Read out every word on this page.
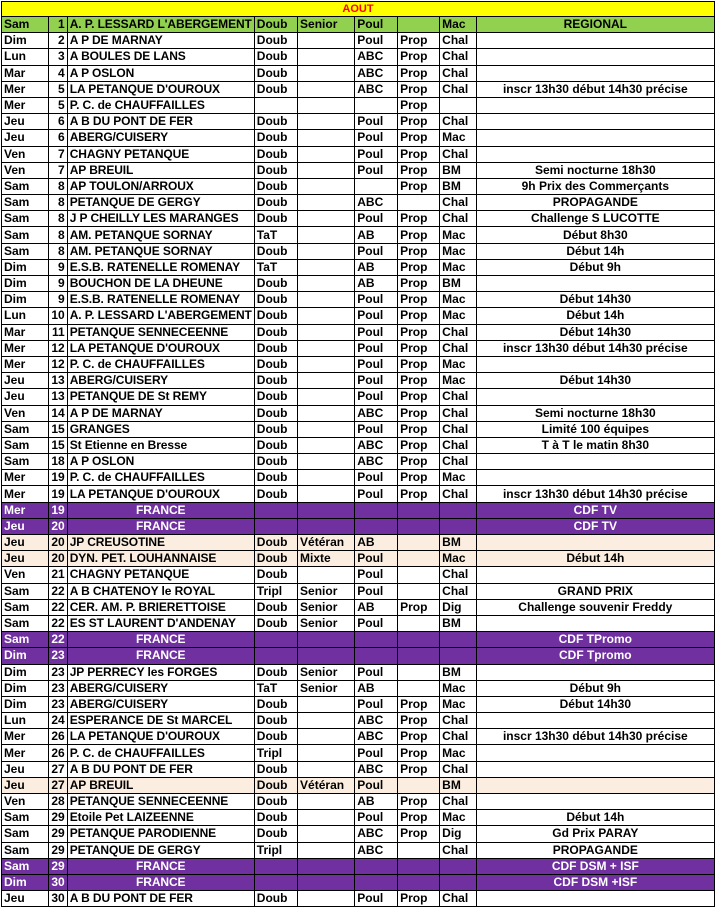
AOUT								
Sam	1	A. P. LESSARD L'ABERGEMENT	Doub	Senior	Poul		Mac	REGIONAL
Dim	2	A P DE MARNAY	Doub		Poul	Prop	Chal	
Lun	3	A BOULES DE LANS	Doub		ABC	Prop	Chal	
Mar	4	A P OSLON	Doub		ABC	Prop	Chal	
Mer	5	LA PETANQUE D'OUROUX	Doub		ABC	Prop	Chal	inscr 13h30 début 14h30 précise
Mer	5	P. C. de CHAUFFAILLES				Prop		
Jeu	6	A B DU PONT DE FER	Doub		Poul	Prop	Chal	
Jeu	6	ABERG/CUISERY	Doub		Poul	Prop	Mac	
Ven	7	CHAGNY PETANQUE	Doub		Poul	Prop	Chal	
Ven	7	AP BREUIL	Doub		Poul	Prop	BM	Semi nocturne 18h30
Sam	8	AP TOULON/ARROUX	Doub			Prop	BM	9h Prix des Commerçants
Sam	8	PETANQUE DE GERGY	Doub		ABC		Chal	PROPAGANDE
Sam	8	J P CHEILLY LES MARANGES	Doub		Poul	Prop	Chal	Challenge S LUCOTTE
Sam	8	AM. PETANQUE SORNAY	TaT		AB	Prop	Mac	Début 8h30
Sam	8	AM. PETANQUE SORNAY	Doub		Poul	Prop	Mac	Début 14h
Dim	9	E.S.B. RATENELLE ROMENAY	TaT		AB	Prop	Mac	Début 9h
Dim	9	BOUCHON DE LA DHEUNE	Doub		AB	Prop	BM	
Dim	9	E.S.B. RATENELLE ROMENAY	Doub		Poul	Prop	Mac	Début 14h30
Lun	10	A. P. LESSARD L'ABERGEMENT	Doub		Poul	Prop	Mac	Début 14h
Mar	11	PETANQUE SENNECEENNE	Doub		Poul	Prop	Chal	Début 14h30
Mer	12	LA PETANQUE D'OUROUX	Doub		Poul	Prop	Chal	inscr 13h30 début 14h30 précise
Mer	12	P. C. de CHAUFFAILLES	Doub		Poul	Prop	Mac	
Jeu	13	ABERG/CUISERY	Doub		Poul	Prop	Mac	Début 14h30
Jeu	13	PETANQUE DE St REMY	Doub		Poul	Prop	Chal	
Ven	14	A P DE MARNAY	Doub		ABC	Prop	Chal	Semi nocturne 18h30
Sam	15	GRANGES	Doub		Poul	Prop	Chal	Limité 100 équipes
Sam	15	St Etienne en Bresse	Doub		ABC	Prop	Chal	T à T le matin 8h30
Sam	18	A P OSLON	Doub		ABC	Prop	Chal	
Mer	19	P. C. de CHAUFFAILLES	Doub		Poul	Prop	Mac	
Mer	19	LA PETANQUE D'OUROUX	Doub		Poul	Prop	Chal	inscr 13h30 début 14h30 précise
Mer	19	FRANCE						CDF TV
Jeu	20	FRANCE						CDF TV
Jeu	20	JP CREUSOTINE	Doub	Vétéran	AB		BM	
Jeu	20	DYN. PET. LOUHANNAISE	Doub	Mixte	Poul		Mac	Début 14h
Ven	21	CHAGNY PETANQUE	Doub		Poul		Chal	
Sam	22	A B CHATENOY le ROYAL	Tripl	Senior	Poul		Chal	GRAND PRIX
Sam	22	CER. AM. P. BRIERETTOISE	Doub	Senior	AB	Prop	Dig	Challenge souvenir Freddy
Sam	22	ES ST LAURENT D'ANDENAY	Doub	Senior	Poul		BM	
Sam	22	FRANCE						CDF TPromo
Dim	23	FRANCE						CDF Tpromo
Dim	23	JP PERRECY les FORGES	Doub	Senior	Poul		BM	
Dim	23	ABERG/CUISERY	TaT	Senior	AB		Mac	Début 9h
Dim	23	ABERG/CUISERY	Doub		Poul	Prop	Mac	Début 14h30
Lun	24	ESPERANCE DE St MARCEL	Doub		ABC	Prop	Chal	
Mer	26	LA PETANQUE D'OUROUX	Doub		ABC	Prop	Chal	inscr 13h30 début 14h30 précise
Mer	26	P. C. de CHAUFFAILLES	Tripl		Poul	Prop	Mac	
Jeu	27	A B DU PONT DE FER	Doub		ABC	Prop	Chal	
Jeu	27	AP BREUIL	Doub	Vétéran	Poul		BM	
Ven	28	PETANQUE SENNECEENNE	Doub		AB	Prop	Chal	
Sam	29	Etoile Pet LAIZEENNE	Doub		Poul	Prop	Mac	Début 14h
Sam	29	PETANQUE PARODIENNE	Doub		ABC	Prop	Dig	Gd Prix PARAY
Sam	29	PETANQUE DE GERGY	Tripl		ABC		Chal	PROPAGANDE
Sam	29	FRANCE						CDF DSM + ISF
Dim	30	FRANCE						CDF DSM +ISF
Jeu	30	A B DU PONT DE FER	Doub		Poul	Prop	Chal	
